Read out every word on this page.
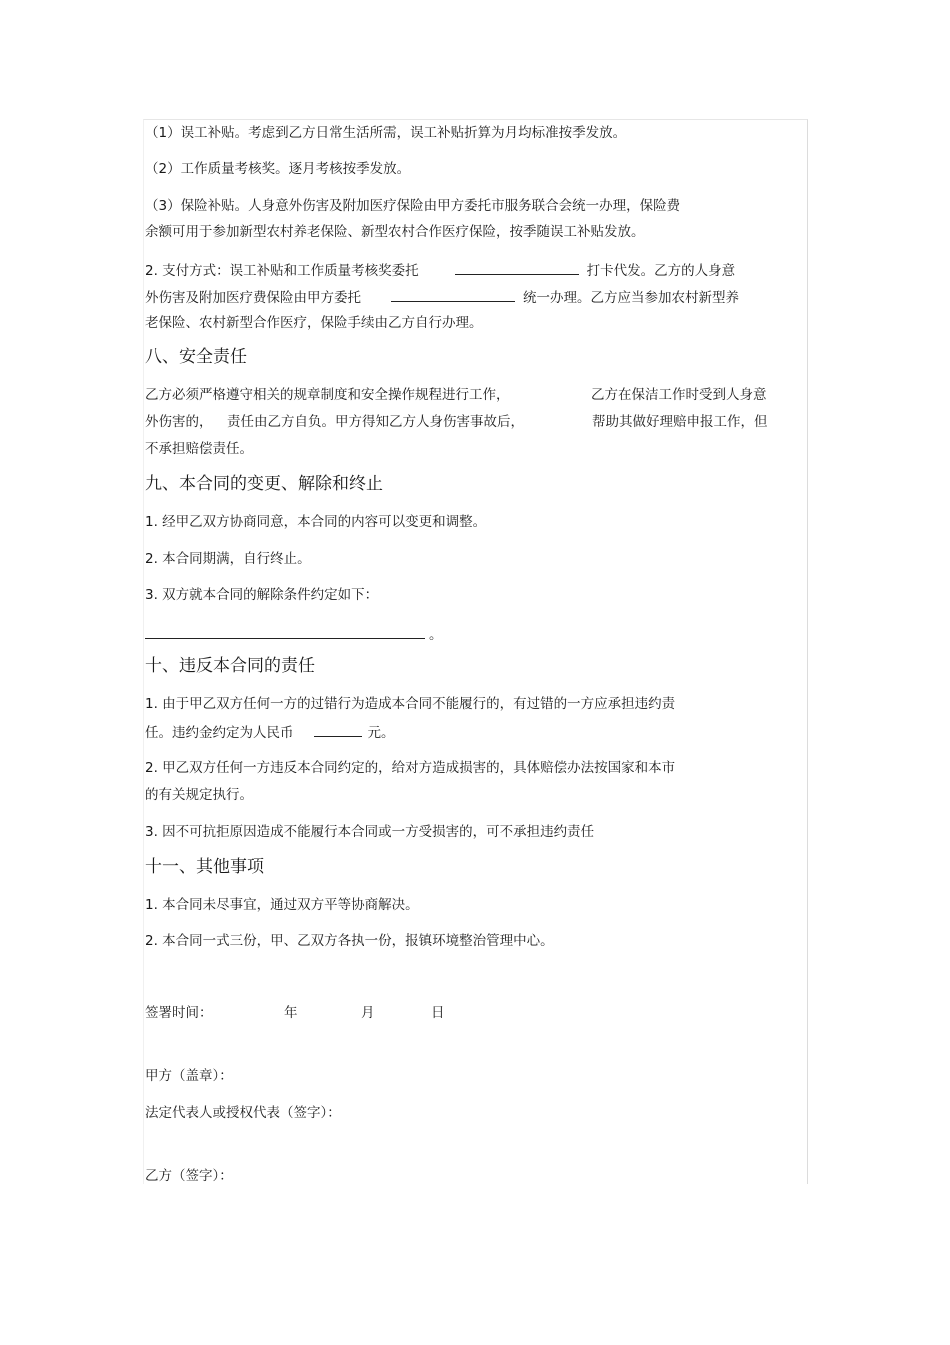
（1）误工补贴。考虑到乙方日常生活所需，误工补贴折算为月均标准按季发放。
（2）工作质量考核奖。逐月考核按季发放。
（3）保险补贴。人身意外伤害及附加医疗保险由甲方委托市服务联合会统一办理，保险费
余额可用于参加新型农村养老保险、新型农村合作医疗保险，按季随误工补贴发放。
2. 支付方式：误工补贴和工作质量考核奖委托	打卡代发。乙方的人身意
外伤害及附加医疗费保险由甲方委托	统一办理。乙方应当参加农村新型养
老保险、农村新型合作医疗，保险手续由乙方自行办理。
八、安全责任
乙方必须严格遵守相关的规章制度和安全操作规程进行工作，	乙方在保洁工作时受到人身意
外伤害的， 责任由乙方自负。甲方得知乙方人身伤害事故后，	帮助其做好理赔申报工作，但
不承担赔偿责任。
九、本合同的变更、解除和终止
1. 经甲乙双方协商同意，本合同的内容可以变更和调整。
2. 本合同期满，自行终止。
3. 双方就本合同的解除条件约定如下：
。
十、违反本合同的责任
1. 由于甲乙双方任何一方的过错行为造成本合同不能履行的，有过错的一方应承担违约责
任。违约金约定为人民币	元。
2. 甲乙双方任何一方违反本合同约定的，给对方造成损害的，具体赔偿办法按国家和本市
的有关规定执行。
3. 因不可抗拒原因造成不能履行本合同或一方受损害的，可不承担违约责任
十一、其他事项
1. 本合同未尽事宜，通过双方平等协商解决。
2. 本合同一式三份，甲、乙双方各执一份，报镇环境整治管理中心。
签署时间：	年	月	日
甲方（盖章）：
法定代表人或授权代表（签字）：
乙方（签字）：
